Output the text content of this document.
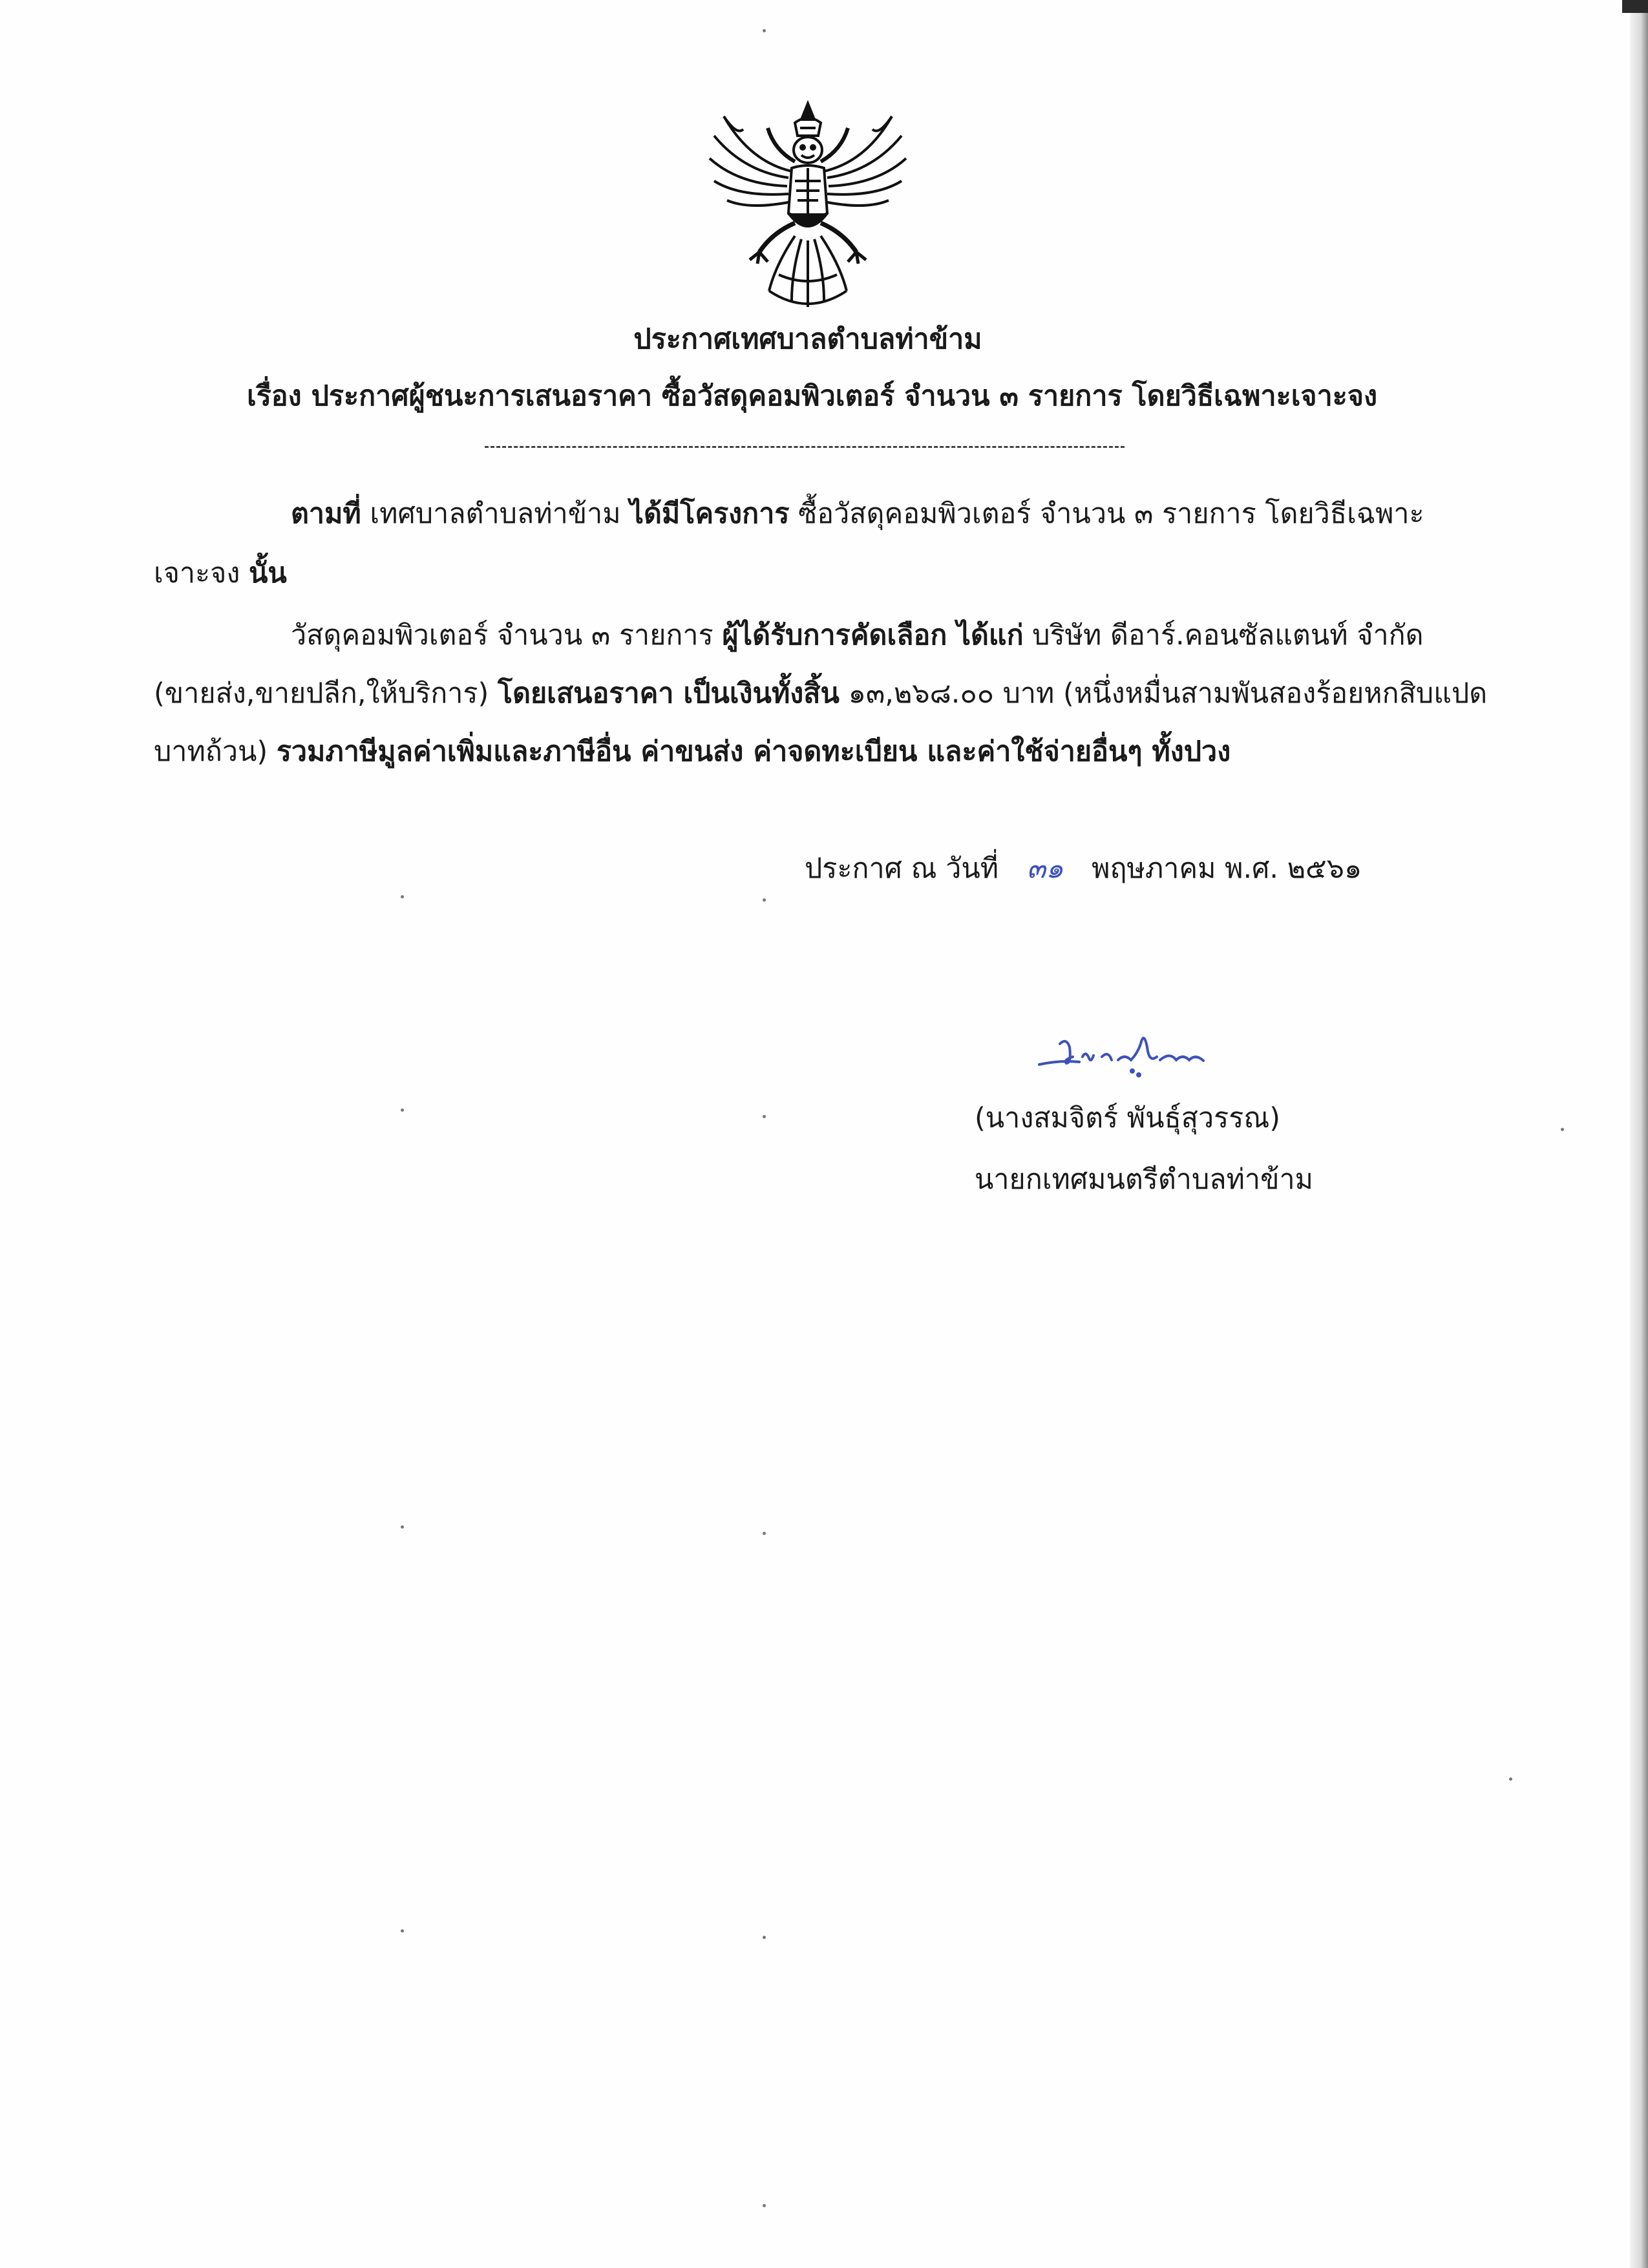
ประกาศเทศบาลตำบลท่าข้าม
เรื่อง ประกาศผู้ชนะการเสนอราคา ซื้อวัสดุคอมพิวเตอร์ จำนวน ๓ รายการ โดยวิธีเฉพาะเจาะจง
ตามที่ เทศบาลตำบลท่าข้าม ได้มีโครงการ ซื้อวัสดุคอมพิวเตอร์ จำนวน ๓ รายการ โดยวิธีเฉพาะ
เจาะจง นั้น
วัสดุคอมพิวเตอร์ จำนวน ๓ รายการ ผู้ได้รับการคัดเลือก ได้แก่ บริษัท ดีอาร์.คอนซัลแตนท์ จำกัด
(ขายส่ง,ขายปลีก,ให้บริการ) โดยเสนอราคา เป็นเงินทั้งสิ้น ๑๓,๒๖๘.๐๐ บาท (หนึ่งหมื่นสามพันสองร้อยหกสิบแปด
บาทถ้วน) รวมภาษีมูลค่าเพิ่มและภาษีอื่น ค่าขนส่ง ค่าจดทะเบียน และค่าใช้จ่ายอื่นๆ ทั้งปวง
ประกาศ ณ วันที่ ๓๑ พฤษภาคม พ.ศ. ๒๕๖๑
(นางสมจิตร์ พันธุ์สุวรรณ)
นายกเทศมนตรีตำบลท่าข้าม
